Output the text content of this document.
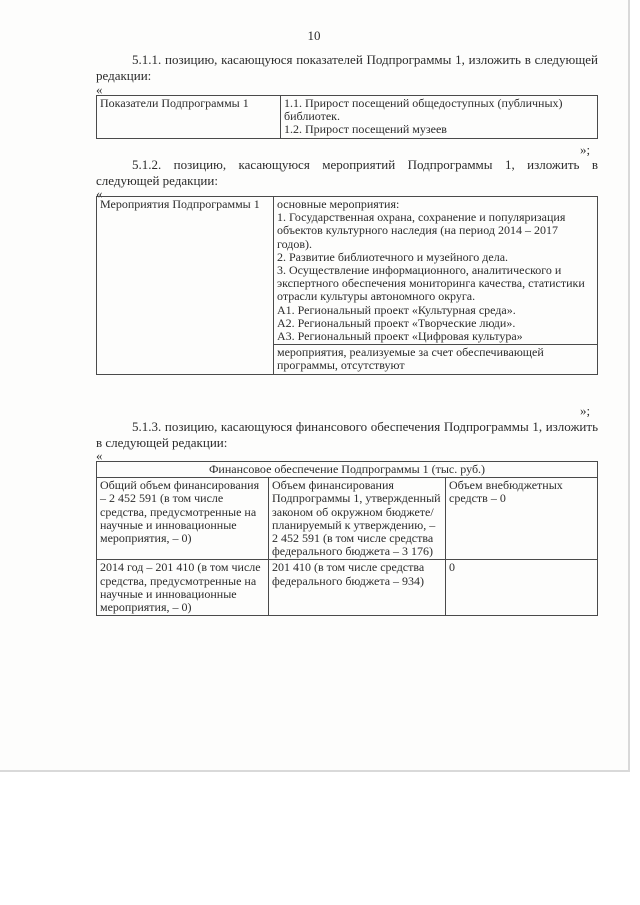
10
5.1.1. позицию, касающуюся показателей Подпрограммы 1, изложить в следующей редакции:
«
Показатели Подпрограммы 1	1.1. Прирост посещений общедоступных (публичных) библиотек.

1.2. Прирост посещений музеев

»;
5.1.2. позицию, касающуюся мероприятий Подпрограммы 1, изложить в следующей редакции:
«
Мероприятия Подпрограммы 1	основные мероприятия:

1. Государственная охрана, сохранение и популяризация объектов культурного наследия (на период 2014 – 2017 годов).

2. Развитие библиотечного и музейного дела.

3. Осуществление информационного, аналитического и экспертного обеспечения мониторинга качества, статистики отрасли культуры автономного округа.

А1. Региональный проект «Культурная среда».

А2. Региональный проект «Творческие люди».

А3. Региональный проект «Цифровая культура»

мероприятия, реализуемые за счет обеспечивающей программы, отсутствуют
»;
5.1.3. позицию, касающуюся финансового обеспечения Подпрограммы 1, изложить в следующей редакции:
«
Финансовое обеспечение Подпрограммы 1 (тыс. руб.)		
Общий объем финансирования – 2 452 591 (в том числе средства, предусмотренные на научные и инновационные мероприятия, – 0)	Объем финансирования Подпрограммы 1, утвержденный законом об окружном бюджете/ планируемый к утверждению, – 2 452 591 (в том числе средства федерального бюджета – 3 176)	Объем внебюджетных средств – 0
2014 год – 201 410 (в том числе средства, предусмотренные на научные и инновационные мероприятия, – 0)	201 410 (в том числе средства федерального бюджета – 934)	0
